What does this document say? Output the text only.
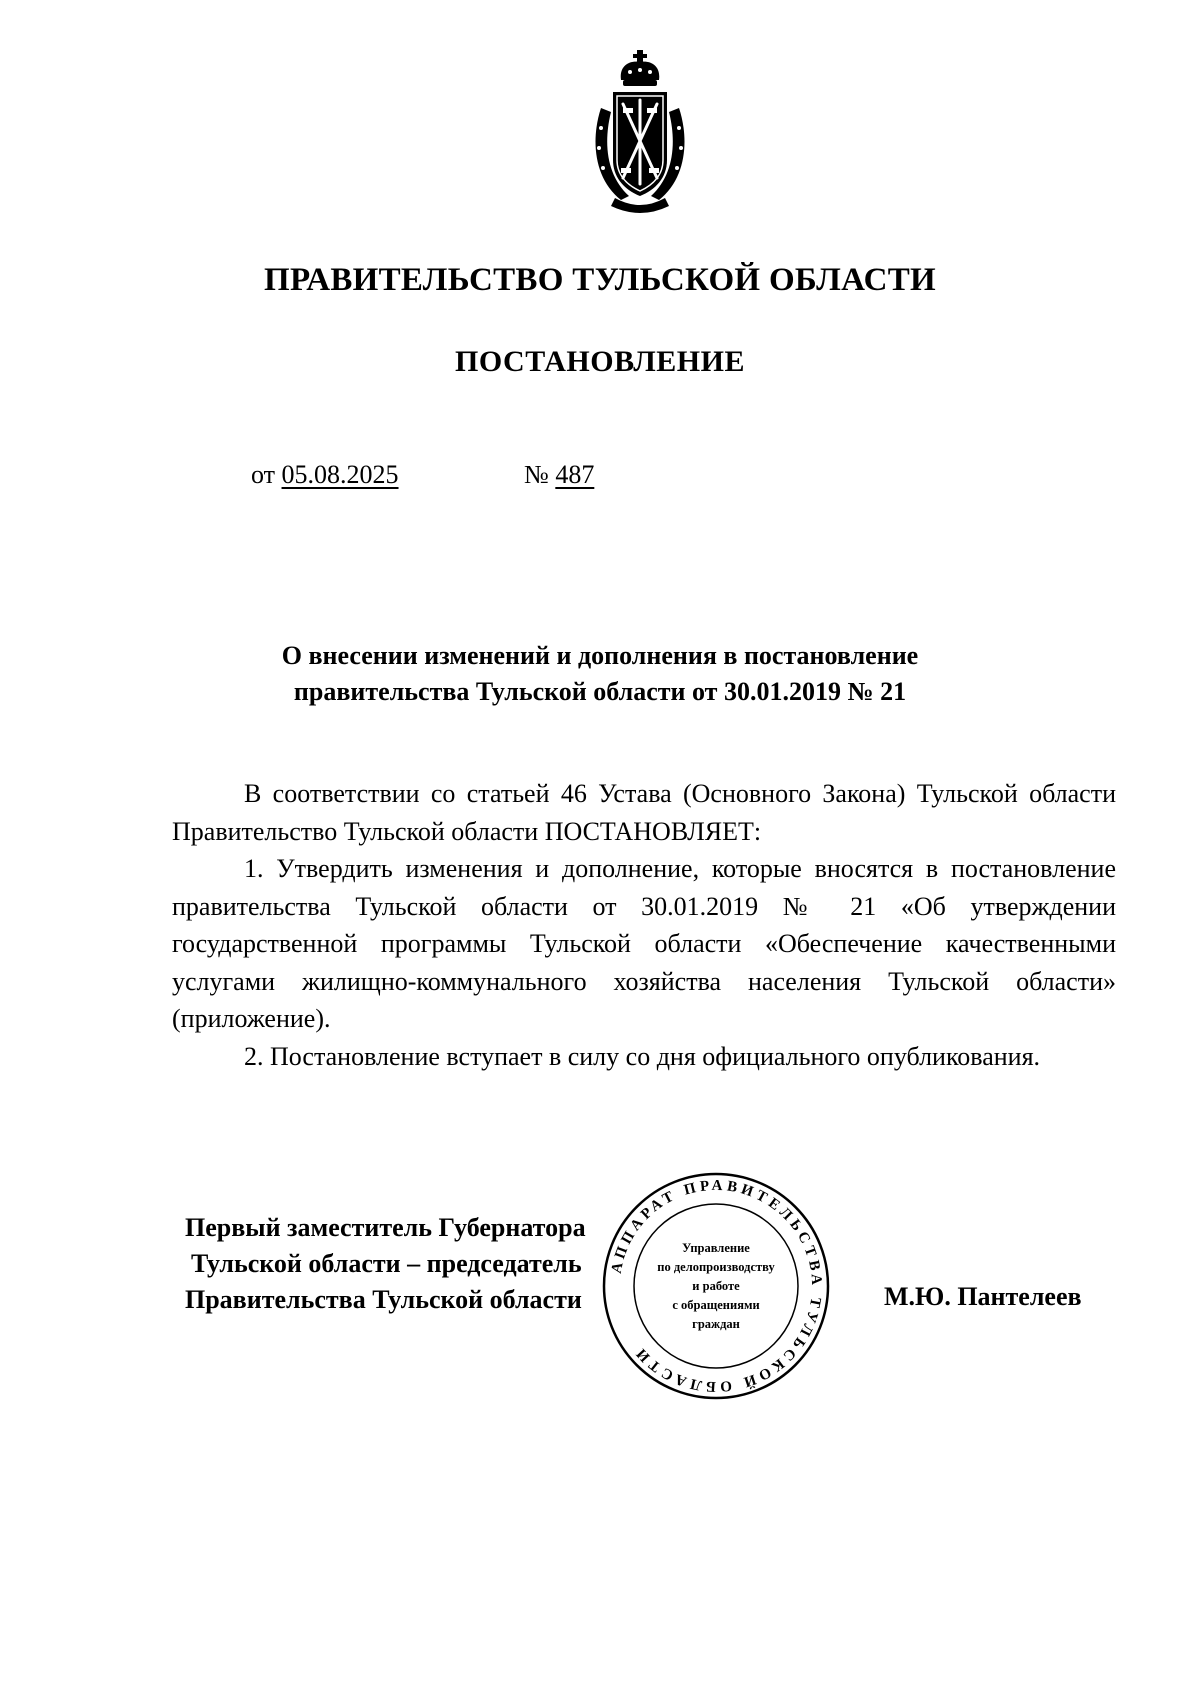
ПРАВИТЕЛЬСТВО ТУЛЬСКОЙ ОБЛАСТИ
ПОСТАНОВЛЕНИЕ
от 05.08.2025	№ 487
О внесении изменений и дополнения в постановление
правительства Тульской области от 30.01.2019 № 21

В соответствии со статьей 46 Устава (Основного Закона) Тульской области Правительство Тульской области ПОСТАНОВЛЯЕТ:

1. Утвердить изменения и дополнение, которые вносятся в постановление правительства Тульской области от 30.01.2019 № 21 «Об утверждении государственной программы Тульской области «Обеспечение качественными услугами жилищно-коммунального хозяйства населения Тульской области» (приложение).

2. Постановление вступает в силу со дня официального опубликования.

Первый заместитель Губернатора
Тульской области – председатель
Правительства Тульской области
АППАРАТ ПРАВИТЕЛЬСТВА ТУЛЬСКОЙ ОБЛАСТИ
Управление
по делопроизводству
и работе
с обращениями
граждан
М.Ю. Пантелеев
